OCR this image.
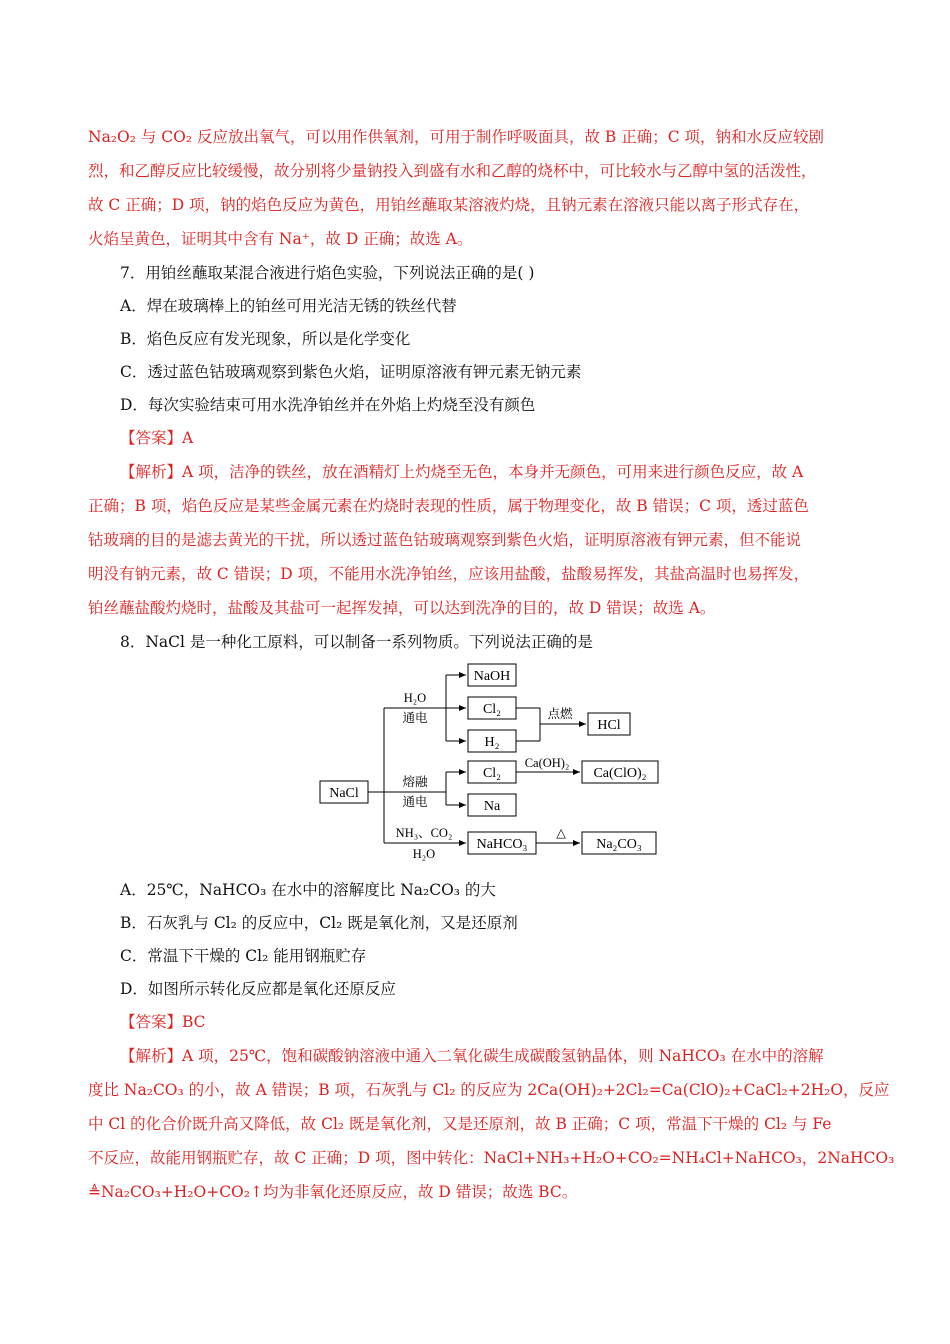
Na₂O₂ 与 CO₂ 反应放出氧气，可以用作供氧剂，可用于制作呼吸面具，故 B 正确；C 项，钠和水反应较剧
烈，和乙醇反应比较缓慢，故分别将少量钠投入到盛有水和乙醇的烧杯中，可比较水与乙醇中氢的活泼性，
故 C 正确；D 项，钠的焰色反应为黄色，用铂丝蘸取某溶液灼烧，且钠元素在溶液只能以离子形式存在，
火焰呈黄色，证明其中含有 Na⁺，故 D 正确；故选 A。
7．用铂丝蘸取某混合液进行焰色实验，下列说法正确的是( )
A．焊在玻璃棒上的铂丝可用光洁无锈的铁丝代替
B．焰色反应有发光现象，所以是化学变化
C．透过蓝色钴玻璃观察到紫色火焰，证明原溶液有钾元素无钠元素
D．每次实验结束可用水洗净铂丝并在外焰上灼烧至没有颜色
【答案】A
【解析】A 项，洁净的铁丝，放在酒精灯上灼烧至无色，本身并无颜色，可用来进行颜色反应，故 A
正确；B 项，焰色反应是某些金属元素在灼烧时表现的性质，属于物理变化，故 B 错误；C 项，透过蓝色
钴玻璃的目的是滤去黄光的干扰，所以透过蓝色钴玻璃观察到紫色火焰，证明原溶液有钾元素，但不能说
明没有钠元素，故 C 错误；D 项，不能用水洗净铂丝，应该用盐酸，盐酸易挥发，其盐高温时也易挥发，
铂丝蘸盐酸灼烧时，盐酸及其盐可一起挥发掉，可以达到洗净的目的，故 D 错误；故选 A。
8．NaCl 是一种化工原料，可以制备一系列物质。下列说法正确的是
NaCl
NaOH
Cl₂
H₂
HCl
Cl₂	Ca(ClO)₂
Na
NaHCO₃	Na₂CO₃
H₂O
通电	点燃
Ca(OH)₂
熔融
通电
NH₃、CO₂
H₂O
△
A．25℃，NaHCO₃ 在水中的溶解度比 Na₂CO₃ 的大
B．石灰乳与 Cl₂ 的反应中，Cl₂ 既是氧化剂，又是还原剂
C．常温下干燥的 Cl₂ 能用钢瓶贮存
D．如图所示转化反应都是氧化还原反应
【答案】BC
【解析】A 项，25℃，饱和碳酸钠溶液中通入二氧化碳生成碳酸氢钠晶体，则 NaHCO₃ 在水中的溶解
度比 Na₂CO₃ 的小，故 A 错误；B 项，石灰乳与 Cl₂ 的反应为 2Ca(OH)₂+2Cl₂=Ca(ClO)₂+CaCl₂+2H₂O，反应
中 Cl 的化合价既升高又降低，故 Cl₂ 既是氧化剂，又是还原剂，故 B 正确；C 项，常温下干燥的 Cl₂ 与 Fe
不反应，故能用钢瓶贮存，故 C 正确；D 项，图中转化：NaCl+NH₃+H₂O+CO₂=NH₄Cl+NaHCO₃，2NaHCO₃
≜Na₂CO₃+H₂O+CO₂↑均为非氧化还原反应，故 D 错误；故选 BC。
